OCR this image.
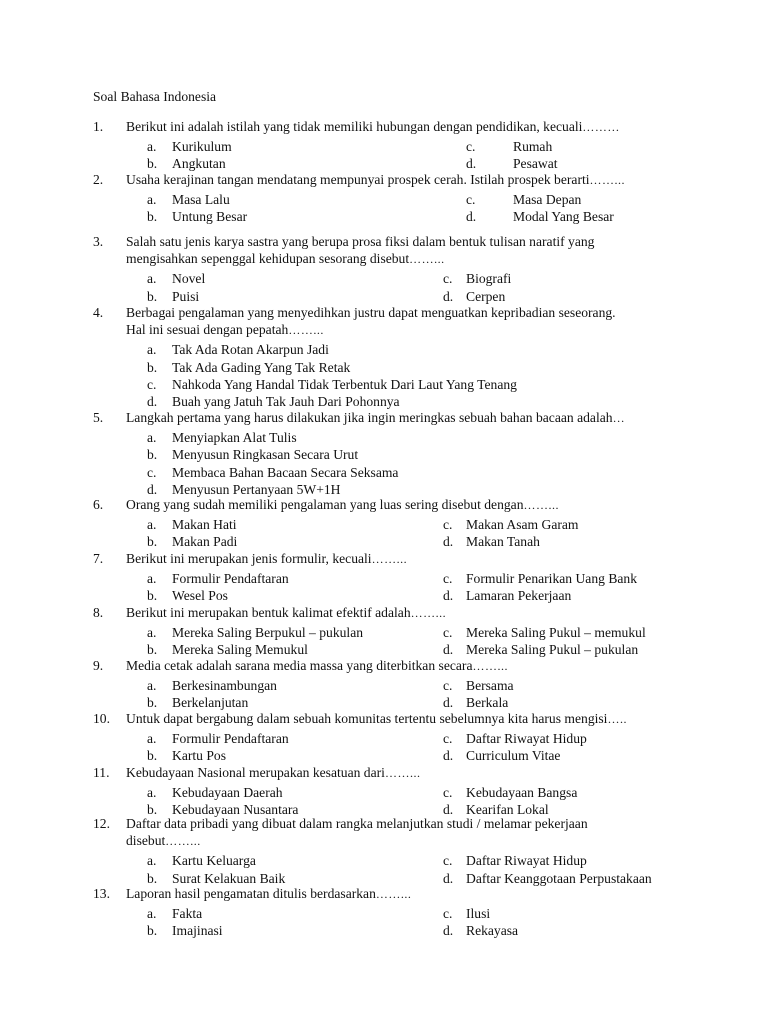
Soal Bahasa Indonesia
1. Berikut ini adalah istilah yang tidak memiliki hubungan dengan pendidikan, kecuali………
a. Kurikulum
b. Angkutan
c.	Rumah
d.	Pesawat
2. Usaha kerajinan tangan mendatang mempunyai prospek cerah. Istilah prospek berarti……...
a. Masa Lalu
b. Untung Besar
c.	Masa Depan
d.	Modal Yang Besar
3. Salah satu jenis karya sastra yang berupa prosa fiksi dalam bentuk tulisan naratif yang
mengisahkan sepenggal kehidupan sesorang disebut……...
a. Novel
b. Puisi
c. Biografi
d. Cerpen
4. Berbagai pengalaman yang menyedihkan justru dapat menguatkan kepribadian seseorang.
Hal ini sesuai dengan pepatah……...
a. Tak Ada Rotan Akarpun Jadi
b. Tak Ada Gading Yang Tak Retak
c. Nahkoda Yang Handal Tidak Terbentuk Dari Laut Yang Tenang
d. Buah yang Jatuh Tak Jauh Dari Pohonnya
5. Langkah pertama yang harus dilakukan jika ingin meringkas sebuah bahan bacaan adalah…
a. Menyiapkan Alat Tulis
b. Menyusun Ringkasan Secara Urut
c. Membaca Bahan Bacaan Secara Seksama
d. Menyusun Pertanyaan 5W+1H
6. Orang yang sudah memiliki pengalaman yang luas sering disebut dengan……...
a. Makan Hati
b. Makan Padi
c. Makan Asam Garam
d. Makan Tanah
7. Berikut ini merupakan jenis formulir, kecuali……...
a. Formulir Pendaftaran
b. Wesel Pos
c. Formulir Penarikan Uang Bank
d. Lamaran Pekerjaan
8. Berikut ini merupakan bentuk kalimat efektif adalah……...
a. Mereka Saling Berpukul – pukulan
b. Mereka Saling Memukul
c. Mereka Saling Pukul – memukul
d. Mereka Saling Pukul – pukulan
9. Media cetak adalah sarana media massa yang diterbitkan secara……...
a. Berkesinambungan
b. Berkelanjutan
c. Bersama
d. Berkala
10. Untuk dapat bergabung dalam sebuah komunitas tertentu sebelumnya kita harus mengisi…..
a. Formulir Pendaftaran
b. Kartu Pos
c. Daftar Riwayat Hidup
d. Curriculum Vitae
11. Kebudayaan Nasional merupakan kesatuan dari……...
a. Kebudayaan Daerah
b. Kebudayaan Nusantara
c. Kebudayaan Bangsa
d. Kearifan Lokal
12. Daftar data pribadi yang dibuat dalam rangka melanjutkan studi / melamar pekerjaan
disebut……...
a. Kartu Keluarga
b. Surat Kelakuan Baik
c. Daftar Riwayat Hidup
d. Daftar Keanggotaan Perpustakaan
13. Laporan hasil pengamatan ditulis berdasarkan……...
a. Fakta
b. Imajinasi
c. Ilusi
d. Rekayasa
